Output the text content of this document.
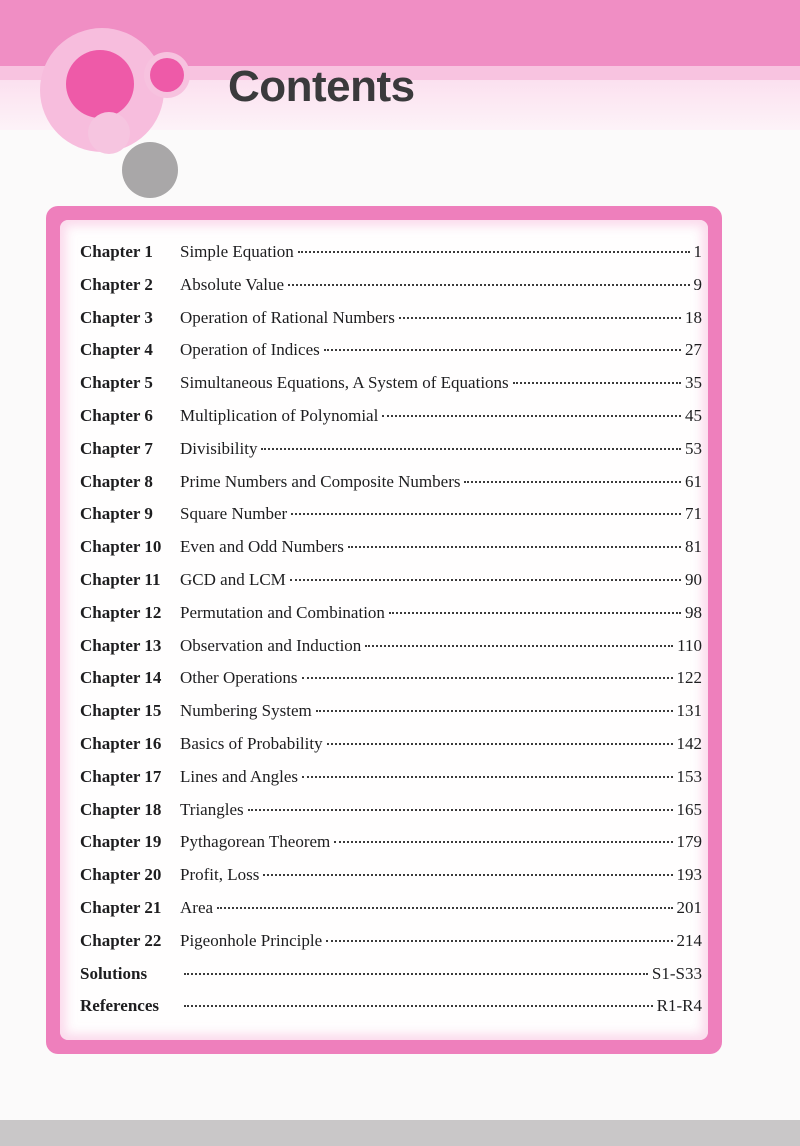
Contents
Chapter 1	Simple Equation	1
Chapter 2	Absolute Value	9
Chapter 3	Operation of Rational Numbers	18
Chapter 4	Operation of Indices	27
Chapter 5	Simultaneous Equations, A System of Equations	35
Chapter 6	Multiplication of Polynomial	45
Chapter 7	Divisibility	53
Chapter 8	Prime Numbers and Composite Numbers	61
Chapter 9	Square Number	71
Chapter 10	Even and Odd Numbers	81
Chapter 11	GCD and LCM	90
Chapter 12	Permutation and Combination	98
Chapter 13	Observation and Induction	110
Chapter 14	Other Operations	122
Chapter 15	Numbering System	131
Chapter 16	Basics of Probability	142
Chapter 17	Lines and Angles	153
Chapter 18	Triangles	165
Chapter 19	Pythagorean Theorem	179
Chapter 20	Profit, Loss	193
Chapter 21	Area	201
Chapter 22	Pigeonhole Principle	214
Solutions	S1-S33
References	R1-R4
